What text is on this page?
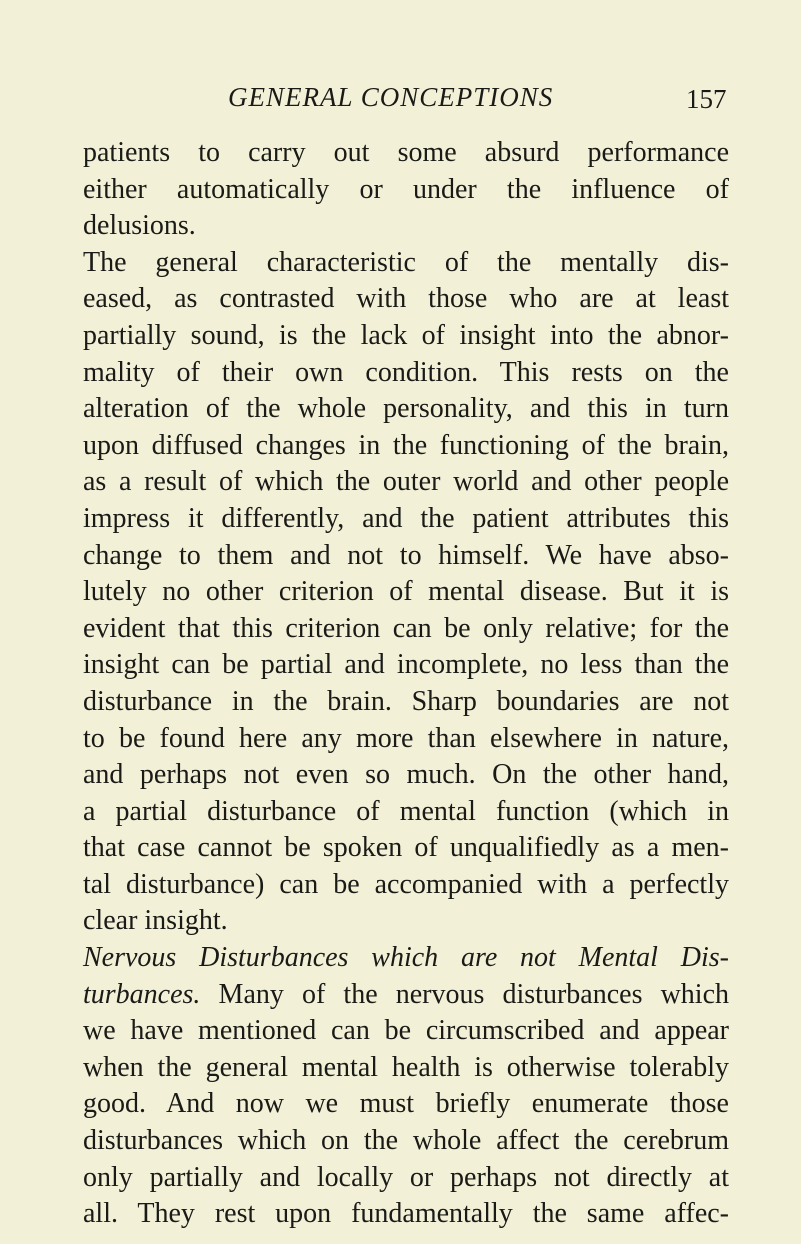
GENERAL CONCEPTIONS	157
patients to carry out some absurd performance
either automatically or under the influence of
delusions.
The general characteristic of the mentally dis-
eased, as contrasted with those who are at least
partially sound, is the lack of insight into the abnor-
mality of their own condition. This rests on the
alteration of the whole personality, and this in turn
upon diffused changes in the functioning of the brain,
as a result of which the outer world and other people
impress it differently, and the patient attributes this
change to them and not to himself. We have abso-
lutely no other criterion of mental disease. But it is
evident that this criterion can be only relative; for the
insight can be partial and incomplete, no less than the
disturbance in the brain. Sharp boundaries are not
to be found here any more than elsewhere in nature,
and perhaps not even so much. On the other hand,
a partial disturbance of mental function (which in
that case cannot be spoken of unqualifiedly as a men-
tal disturbance) can be accompanied with a perfectly
clear insight.
Nervous Disturbances which are not Mental Dis-
turbances. Many of the nervous disturbances which
we have mentioned can be circumscribed and appear
when the general mental health is otherwise tolerably
good. And now we must briefly enumerate those
disturbances which on the whole affect the cerebrum
only partially and locally or perhaps not directly at
all. They rest upon fundamentally the same affec-
